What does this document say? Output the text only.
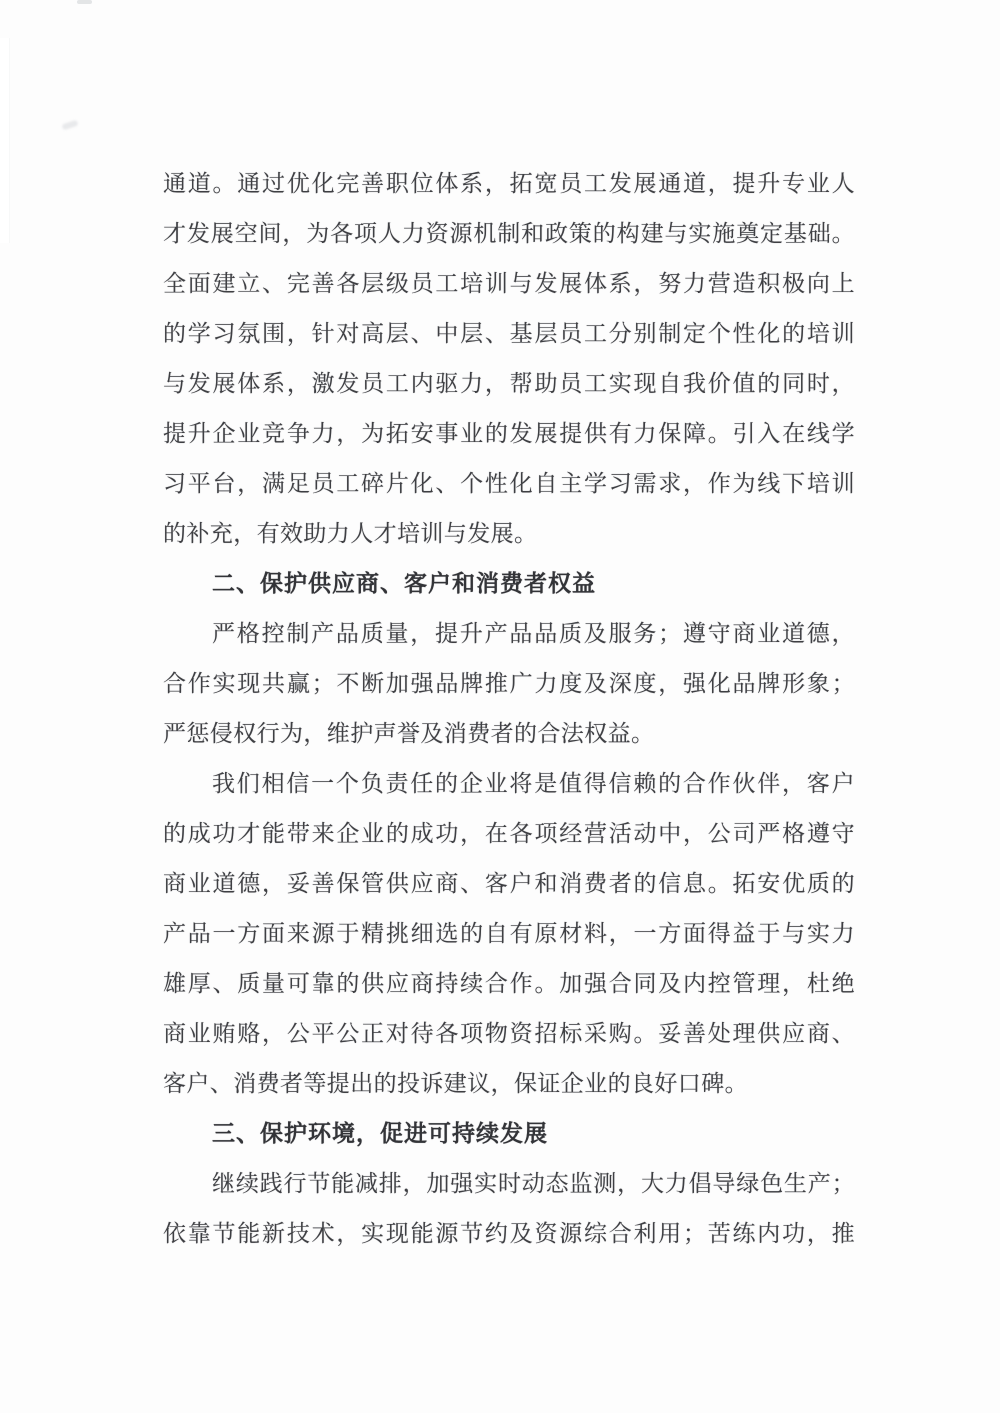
通道。通过优化完善职位体系，拓宽员工发展通道，提升专业人
才发展空间，为各项人力资源机制和政策的构建与实施奠定基础。
全面建立、完善各层级员工培训与发展体系，努力营造积极向上
的学习氛围，针对高层、中层、基层员工分别制定个性化的培训
与发展体系，激发员工内驱力，帮助员工实现自我价值的同时，
提升企业竞争力，为拓安事业的发展提供有力保障。引入在线学
习平台，满足员工碎片化、个性化自主学习需求，作为线下培训
的补充，有效助力人才培训与发展。
二、保护供应商、客户和消费者权益
严格控制产品质量，提升产品品质及服务；遵守商业道德，
合作实现共赢；不断加强品牌推广力度及深度，强化品牌形象；
严惩侵权行为，维护声誉及消费者的合法权益。
我们相信一个负责任的企业将是值得信赖的合作伙伴，客户
的成功才能带来企业的成功，在各项经营活动中，公司严格遵守
商业道德，妥善保管供应商、客户和消费者的信息。拓安优质的
产品一方面来源于精挑细选的自有原材料，一方面得益于与实力
雄厚、质量可靠的供应商持续合作。加强合同及内控管理，杜绝
商业贿赂，公平公正对待各项物资招标采购。妥善处理供应商、
客户、消费者等提出的投诉建议，保证企业的良好口碑。
三、保护环境，促进可持续发展
继续践行节能减排，加强实时动态监测，大力倡导绿色生产；
依靠节能新技术，实现能源节约及资源综合利用；苦练内功，推
